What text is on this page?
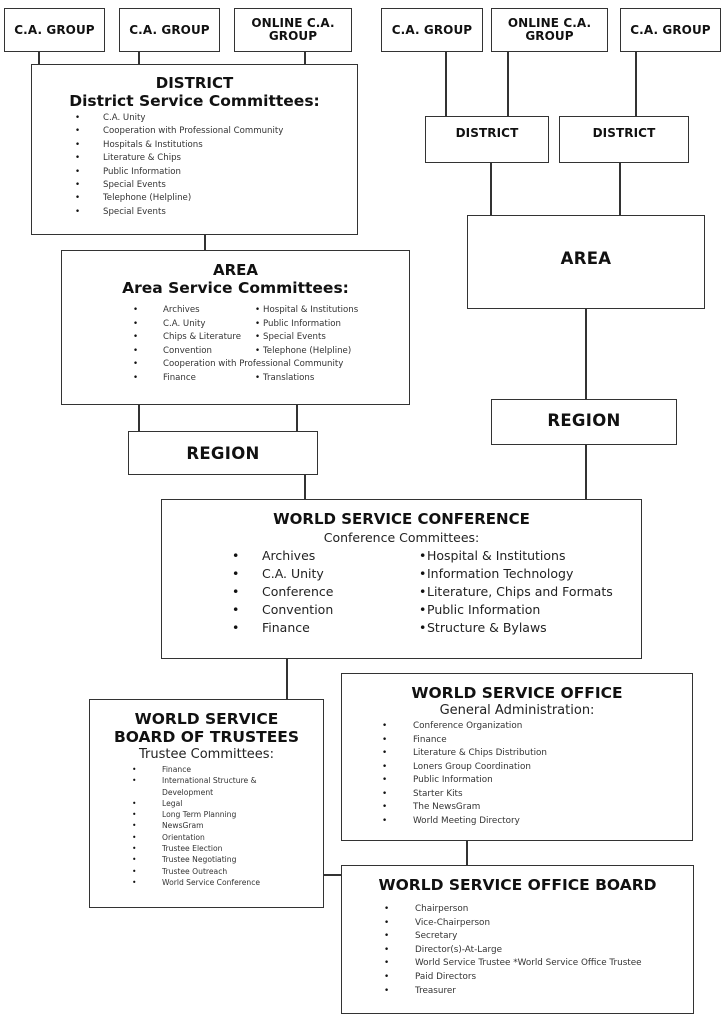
C.A. GROUP	C.A. GROUP	ONLINE C.A. GROUP
DISTRICT
District Service Committees:
• C.A. Unity
• Cooperation with Professional Community
• Hospitals & Institutions
• Literature & Chips
• Public Information
• Special Events
• Telephone (Helpline)
• Special Events
AREA
Area Service Committees:
•	Archives	• Hospital & Institutions
•	C.A. Unity	• Public Information
•	Chips & Literature • Special Events
•	Convention	• Telephone (Helpline)
•	Cooperation with Professional Community
•	Finance	• Translations
REGION
C.A. GROUP	ONLINE C.A. GROUP	C.A. GROUP
DISTRICT	DISTRICT
AREA
REGION
WORLD SERVICE CONFERENCE
Conference Committees:
• Archives	• Hospital & Institutions
• C.A. Unity	• Information Technology
• Conference	• Literature, Chips and Formats
• Convention	• Public Information
• Finance	• Structure & Bylaws
WORLD SERVICE
BOARD OF TRUSTEES
Trustee Committees:
• Finance
• International Structure &
Development
• Legal
• Long Term Planning
• NewsGram
• Orientation
• Trustee Election
• Trustee Negotiating
• Trustee Outreach
• World Service Conference
WORLD SERVICE OFFICE
General Administration:
• Conference Organization
• Finance
• Literature & Chips Distribution
• Loners Group Coordination
• Public Information
• Starter Kits
• The NewsGram
• World Meeting Directory
WORLD SERVICE OFFICE BOARD
• Chairperson
• Vice-Chairperson
• Secretary
• Director(s)-At-Large
• World Service Trustee *World Service Office Trustee
• Paid Directors
• Treasurer
